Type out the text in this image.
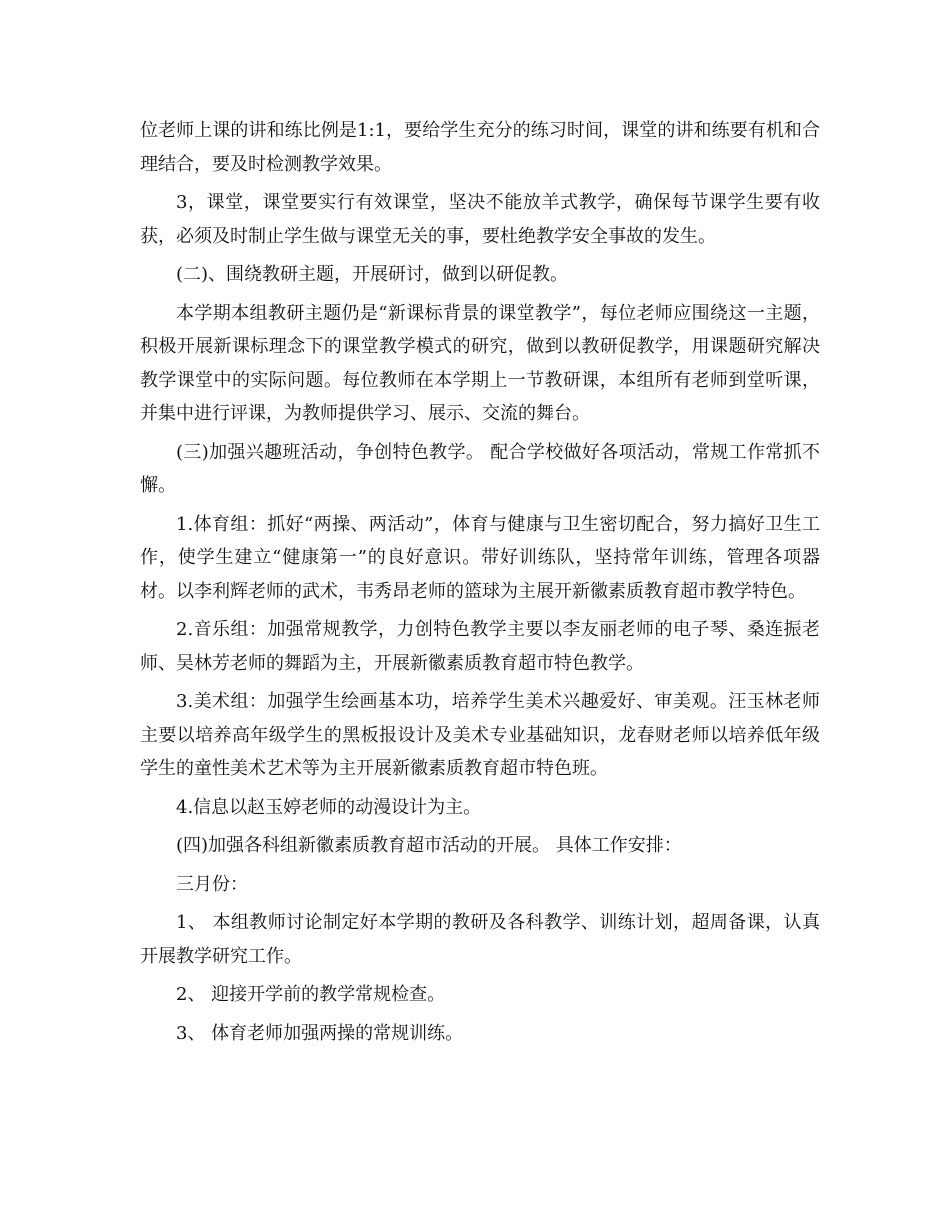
位老师上课的讲和练比例是1:1，要给学生充分的练习时间，课堂的讲和练要有机和合理结合，要及时检测教学效果。

3，课堂，课堂要实行有效课堂，坚决不能放羊式教学，确保每节课学生要有收获，必须及时制止学生做与课堂无关的事，要杜绝教学安全事故的发生。

(二)、围绕教研主题，开展研讨，做到以研促教。

本学期本组教研主题仍是“新课标背景的课堂教学”，每位老师应围绕这一主题，积极开展新课标理念下的课堂教学模式的研究，做到以教研促教学，用课题研究解决教学课堂中的实际问题。每位教师在本学期上一节教研课，本组所有老师到堂听课，并集中进行评课，为教师提供学习、展示、交流的舞台。

(三)加强兴趣班活动，争创特色教学。 配合学校做好各项活动，常规工作常抓不懈。

1.体育组：抓好“两操、两活动”，体育与健康与卫生密切配合，努力搞好卫生工作，使学生建立“健康第一”的良好意识。带好训练队，坚持常年训练，管理各项器材。以李利辉老师的武术，韦秀昂老师的篮球为主展开新徽素质教育超市教学特色。

2.音乐组：加强常规教学，力创特色教学主要以李友丽老师的电子琴、桑连振老师、吴林芳老师的舞蹈为主，开展新徽素质教育超市特色教学。

3.美术组：加强学生绘画基本功，培养学生美术兴趣爱好、审美观。汪玉林老师主要以培养高年级学生的黑板报设计及美术专业基础知识，龙春财老师以培养低年级学生的童性美术艺术等为主开展新徽素质教育超市特色班。

4.信息以赵玉婷老师的动漫设计为主。

(四)加强各科组新徽素质教育超市活动的开展。 具体工作安排：

三月份：

1、 本组教师讨论制定好本学期的教研及各科教学、训练计划，超周备课，认真开展教学研究工作。

2、 迎接开学前的教学常规检查。

3、 体育老师加强两操的常规训练。
